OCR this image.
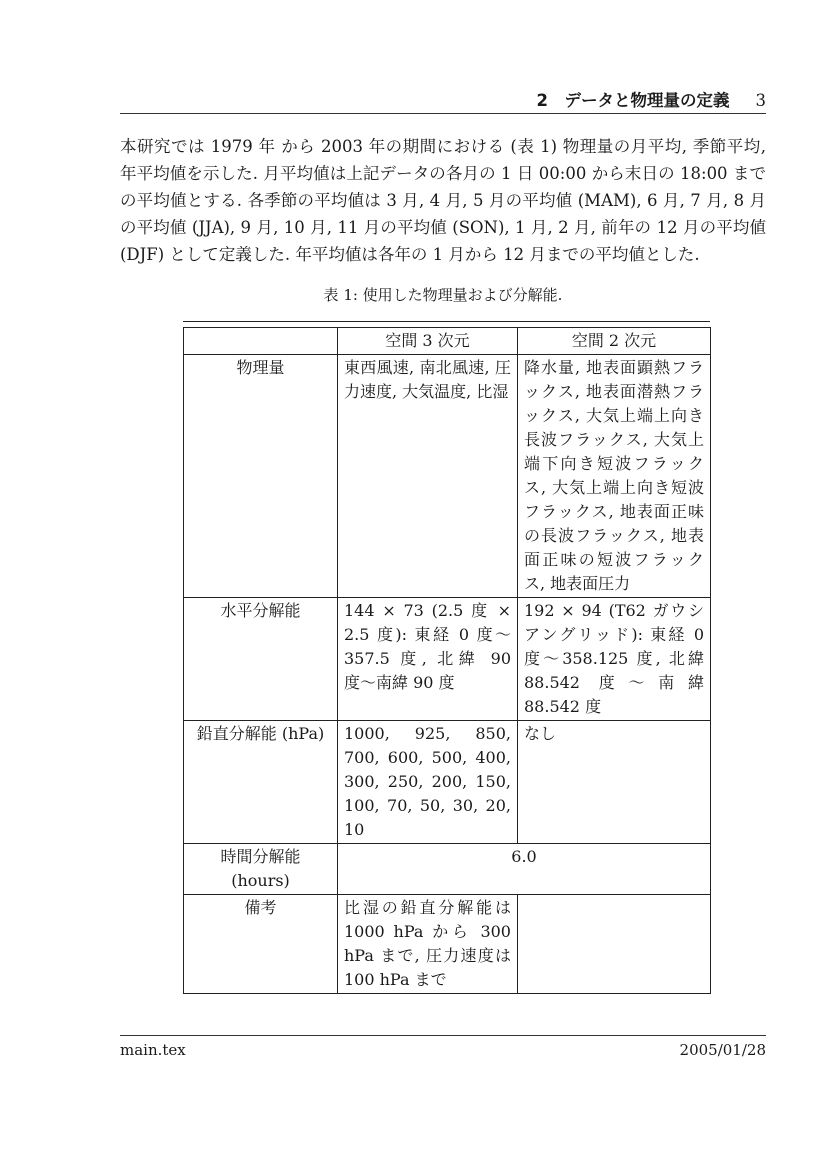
2　データと物理量の定義 3

本研究では 1979 年 から 2003 年の期間における (表 1) 物理量の月平均, 季節平均, 年平均値を示した. 月平均値は上記データの各月の 1 日 00:00 から末日の 18:00 までの平均値とする. 各季節の平均値は 3 月, 4 月, 5 月の平均値 (MAM), 6 月, 7 月, 8 月の平均値 (JJA), 9 月, 10 月, 11 月の平均値 (SON), 1 月, 2 月, 前年の 12 月の平均値 (DJF) として定義した. 年平均値は各年の 1 月から 12 月までの平均値とした.

表 1: 使用した物理量および分解能.
	空間 3 次元	空間 2 次元
物理量	東西風速, 南北風速, 圧力速度, 大気温度, 比湿	降水量, 地表面顕熱フラックス, 地表面潜熱フラックス, 大気上端上向き長波フラックス, 大気上端下向き短波フラックス, 大気上端上向き短波フラックス, 地表面正味の長波フラックス, 地表面正味の短波フラックス, 地表面圧力
水平分解能	144 × 73 (2.5 度 × 2.5 度): 東経 0 度〜 357.5 度, 北緯 90 度〜南緯 90 度	192 × 94 (T62 ガウシアングリッド): 東経 0 度〜358.125 度, 北緯 88.542 度〜南緯 88.542 度
鉛直分解能 (hPa)	1000, 925, 850, 700, 600, 500, 400, 300, 250, 200, 150, 100, 70, 50, 30, 20, 10	なし
時間分解能 (hours)	6.0	
備考	比湿の鉛直分解能は 1000 hPa から 300 hPa まで, 圧力速度は 100 hPa まで	
main.tex	2005/01/28
